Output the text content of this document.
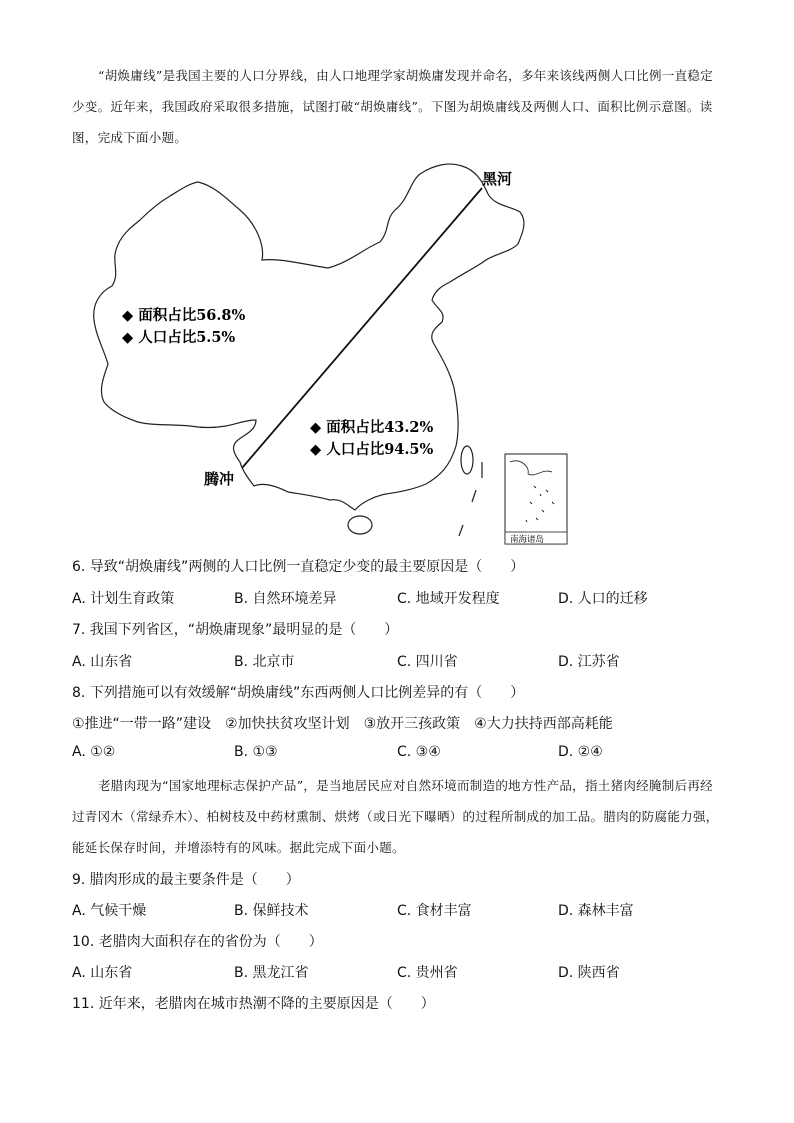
“胡焕庸线”是我国主要的人口分界线，由人口地理学家胡焕庸发现并命名，多年来该线两侧人口比例一直稳定少变。近年来，我国政府采取很多措施，试图打破“胡焕庸线”。下图为胡焕庸线及两侧人口、面积比例示意图。读图，完成下面小题。
黑河
腾冲
◆ 面积占比56.8%
◆ 人口占比5.5%
◆ 面积占比43.2%
◆ 人口占比94.5%
南海诸岛
6. 导致“胡焕庸线”两侧的人口比例一直稳定少变的最主要原因是（　　）
A. 计划生育政策	B. 自然环境差异	C. 地域开发程度	D. 人口的迁移
7. 我国下列省区，“胡焕庸现象”最明显的是（　　）
A. 山东省	B. 北京市	C. 四川省	D. 江苏省
8. 下列措施可以有效缓解“胡焕庸线”东西两侧人口比例差异的有（　　）
①推进“一带一路”建设　②加快扶贫攻坚计划　③放开三孩政策　④大力扶持西部高耗能
A. ①②	B. ①③	C. ③④	D. ②④
老腊肉现为“国家地理标志保护产品”，是当地居民应对自然环境而制造的地方性产品，指土猪肉经腌制后再经过青冈木（常绿乔木）、柏树枝及中药材熏制、烘烤（或日光下曝晒）的过程所制成的加工品。腊肉的防腐能力强，能延长保存时间，并增添特有的风味。据此完成下面小题。
9. 腊肉形成的最主要条件是（　　）
A. 气候干燥	B. 保鲜技术	C. 食材丰富	D. 森林丰富
10. 老腊肉大面积存在的省份为（　　）
A. 山东省	B. 黑龙江省	C. 贵州省	D. 陕西省
11. 近年来，老腊肉在城市热潮不降的主要原因是（　　）
